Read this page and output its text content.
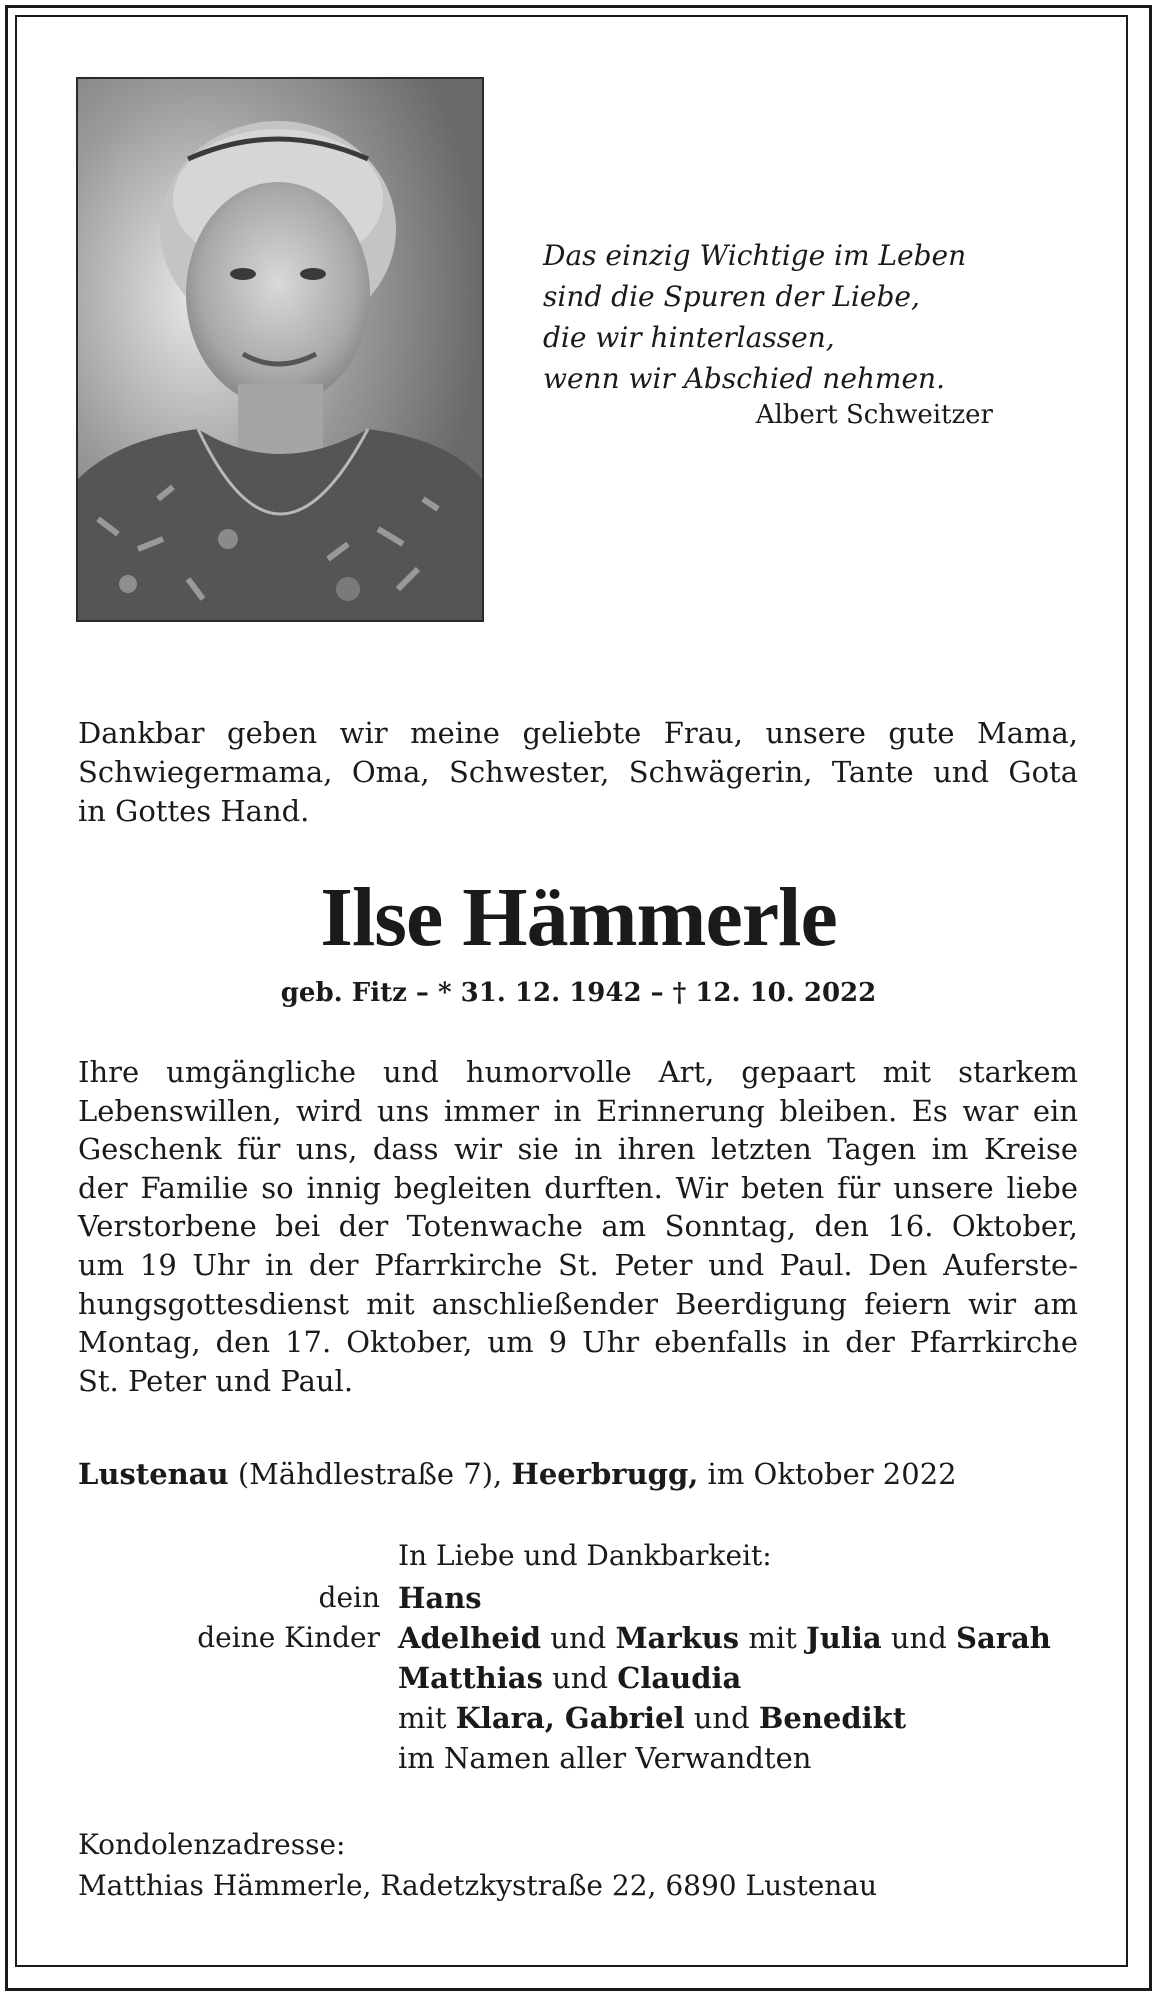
Das einzig Wichtige im Leben
sind die Spuren der Liebe,
die wir hinterlassen,
wenn wir Abschied nehmen.
Albert Schweitzer
Dankbar geben wir meine geliebte Frau, unsere gute Mama,
Schwiegermama, Oma, Schwester, Schwägerin, Tante und Gota
in Gottes Hand.
Ilse Hämmerle
geb. Fitz – * 31. 12. 1942 – † 12. 10. 2022
Ihre umgängliche und humorvolle Art, gepaart mit starkem
Lebenswillen, wird uns immer in Erinnerung bleiben. Es war ein
Geschenk für uns, dass wir sie in ihren letzten Tagen im Kreise
der Familie so innig begleiten durften. Wir beten für unsere liebe
Verstorbene bei der Totenwache am Sonntag, den 16. Oktober,
um 19 Uhr in der Pfarrkirche St. Peter und Paul. Den Auferste-
hungsgottesdienst mit anschließender Beerdigung feiern wir am
Montag, den 17. Oktober, um 9 Uhr ebenfalls in der Pfarrkirche
St. Peter und Paul.
Lustenau (Mähdlestraße 7), Heerbrugg, im Oktober 2022
In Liebe und Dankbarkeit:
dein Hans
deine Kinder Adelheid und Markus mit Julia und Sarah
Matthias und Claudia
mit Klara, Gabriel und Benedikt
im Namen aller Verwandten
Kondolenzadresse:
Matthias Hämmerle, Radetzkystraße 22, 6890 Lustenau
